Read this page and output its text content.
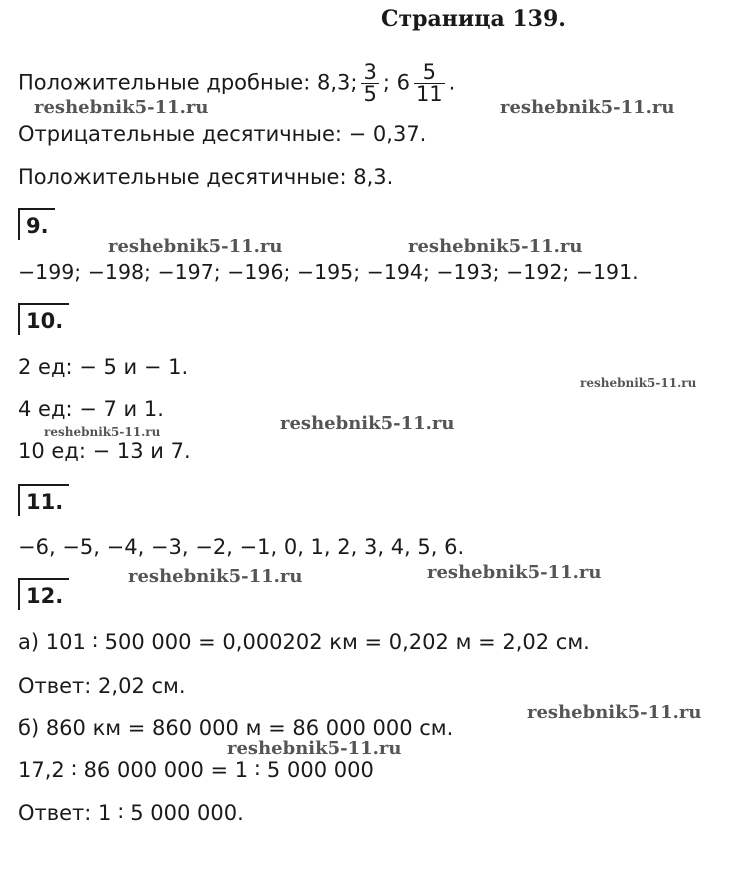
Страница 139.
Положительные дробные: 8,3; $\frac{3}{5}$ ; $6 \frac{5}{11}$ .
Отрицательные десятичные: − 0,37.
Положительные десятичные: 8,3.
9.
−199; −198; −197; −196; −195; −194; −193; −192; −191.
10.
2 ед: − 5 и − 1.
4 ед: − 7 и 1.
10 ед: − 13 и 7.
11.
−6, −5, −4, −3, −2, −1, 0, 1, 2, 3, 4, 5, 6.
12.
а) 101 ∶ 500 000 = 0,000202 км = 0,202 м = 2,02 см.
Ответ: 2,02 см.
б) 860 км = 860 000 м = 86 000 000 см.
17,2 ∶ 86 000 000 = 1 ∶ 5 000 000
Ответ: 1 ∶ 5 000 000.
reshebnik5-11.ru	reshebnik5-11.ru
reshebnik5-11.ru	reshebnik5-11.ru
reshebnik5-11.ru
reshebnik5-11.ru
reshebnik5-11.ru
reshebnik5-11.ru	reshebnik5-11.ru
reshebnik5-11.ru
reshebnik5-11.ru
